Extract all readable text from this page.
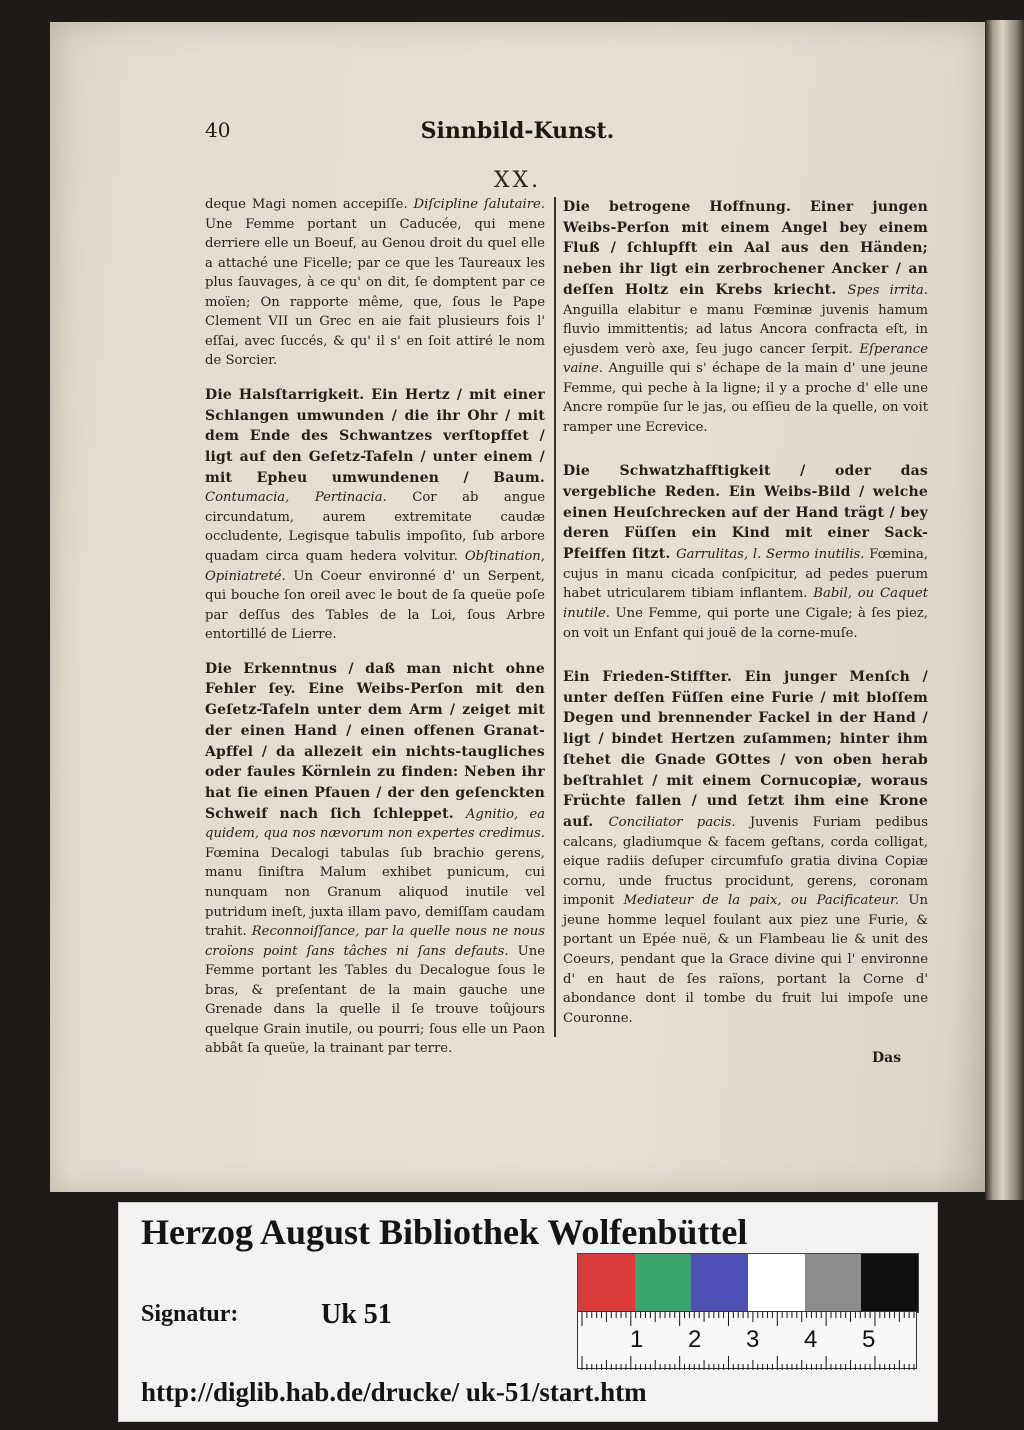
40	Sinnbild-Kunst.
XX.

deque Magi nomen accepiſſe. Diſcipline ſalutaire. Une Femme portant un Caducée, qui mene derriere elle un Boeuf, au Genou droit du quel elle a attaché une Ficelle; par ce que les Taureaux les plus ſauvages, à ce qu' on dit, ſe domptent par ce moïen; On rapporte même, que, ſous le Pape Clement VII un Grec en aie fait plusieurs fois l' eſſai, avec ſuccés, & qu' il s' en ſoit attiré le nom de Sorcier.

Die Halsſtarrigkeit. Ein Hertz / mit einer Schlangen umwunden / die ihr Ohr / mit dem Ende des Schwantzes verſtopffet / ligt auf den Geſetz-Tafeln / unter einem / mit Epheu umwundenen / Baum. Contumacia, Pertinacia. Cor ab angue circundatum, aurem extremitate caudæ occludente, Legisque tabulis impoſito, ſub arbore quadam circa quam hedera volvitur. Obſtination, Opiniatreté. Un Coeur environné d' un Serpent, qui bouche ſon oreil avec le bout de ſa queüe poſe par deſſus des Tables de la Loi, ſous Arbre entortillé de Lierre.

Die Erkenntnus / daß man nicht ohne Fehler ſey. Eine Weibs-Perſon mit den Geſetz-Tafeln unter dem Arm / zeiget mit der einen Hand / einen offenen Granat-Apffel / da allezeit ein nichts-taugliches oder faules Körnlein zu finden: Neben ihr hat ſie einen Pfauen / der den geſenckten Schweif nach ſich ſchleppet. Agnitio, ea quidem, qua nos nævorum non expertes credimus. Fœmina Decalogi tabulas ſub brachio gerens, manu ſiniſtra Malum exhibet punicum, cui nunquam non Granum aliquod inutile vel putridum ineſt, juxta illam pavo, demiſſam caudam trahit. Reconnoiſſance, par la quelle nous ne nous croïons point ſans tâches ni ſans defauts. Une Femme portant les Tables du Decalogue ſous le bras, & preſentant de la main gauche une Grenade dans la quelle il ſe trouve toûjours quelque Grain inutile, ou pourri; ſous elle un Paon abbât ſa queüe, la trainant par terre.

Die betrogene Hoffnung. Einer jungen Weibs-Perſon mit einem Angel bey einem Fluß / ſchlupfft ein Aal aus den Händen; neben ihr ligt ein zerbrochener Ancker / an deſſen Holtz ein Krebs kriecht. Spes irrita. Anguilla elabitur e manu Fœminæ juvenis hamum fluvio immittentis; ad latus Ancora confracta eſt, in ejusdem verò axe, ſeu jugo cancer ſerpit. Eſperance vaine. Anguille qui s' échape de la main d' une jeune Femme, qui peche à la ligne; il y a proche d' elle une Ancre rompüe ſur le jas, ou eſſieu de la quelle, on voit ramper une Ecrevice.

Die Schwatzhafftigkeit / oder das vergebliche Reden. Ein Weibs-Bild / welche einen Heuſchrecken auf der Hand trägt / bey deren Füſſen ein Kind mit einer Sack-Pfeiffen ſitzt. Garrulitas, l. Sermo inutilis. Fœmina, cujus in manu cicada conſpicitur, ad pedes puerum habet utricularem tibiam inflantem. Babil, ou Caquet inutile. Une Femme, qui porte une Cigale; à ſes piez, on voit un Enfant qui jouë de la corne-muſe.

Ein Frieden-Stiffter. Ein junger Menſch / unter deſſen Füſſen eine Furie / mit bloſſem Degen und brennender Fackel in der Hand / ligt / bindet Hertzen zuſammen; hinter ihm ſtehet die Gnade GOttes / von oben herab beſtrahlet / mit einem Cornucopiæ, woraus Früchte fallen / und ſetzt ihm eine Krone auf. Conciliator pacis. Juvenis Furiam pedibus calcans, gladiumque & facem geſtans, corda colligat, eique radiis deſuper circumfuſo gratia divina Copiæ cornu, unde fructus procidunt, gerens, coronam imponit Mediateur de la paix, ou Pacificateur. Un jeune homme lequel foulant aux piez une Furie, & portant un Epée nuë, & un Flambeau lie & unit des Coeurs, pendant que la Grace divine qui l' environne d' en haut de ſes raïons, portant la Corne d' abondance dont il tombe du fruit lui impoſe une Couronne.

Das
Herzog August Bibliothek Wolfenbüttel
Signatur:	Uk 51
1 2 3 4 5
http://diglib.hab.de/drucke/ uk-51/start.htm
